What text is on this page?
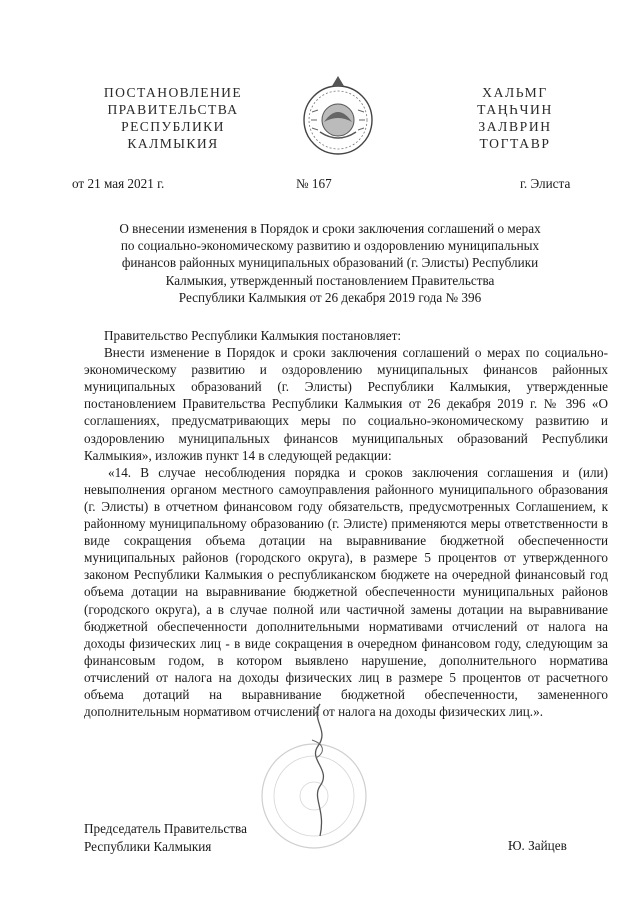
ПОСТАНОВЛЕНИЕ
ПРАВИТЕЛЬСТВА
РЕСПУБЛИКИ
КАЛМЫКИЯ
ХАЛЬМГ
ТАҢҺЧИН
ЗАЛВРИН
ТОГТАВР
от 21 мая 2021 г.	№ 167	г. Элиста
О внесении изменения в Порядок и сроки заключения соглашений о мерах
по социально-экономическому развитию и оздоровлению муниципальных
финансов районных муниципальных образований (г. Элисты) Республики
Калмыкия, утвержденный постановлением Правительства
Республики Калмыкия от 26 декабря 2019 года № 396

Правительство Республики Калмыкия постановляет:

Внести изменение в Порядок и сроки заключения соглашений о мерах по социально-экономическому развитию и оздоровлению муниципальных финансов районных муниципальных образований (г. Элисты) Республики Калмыкия, утвержденные постановлением Правительства Республики Калмыкия от 26 декабря 2019 г. № 396 «О соглашениях, предусматривающих меры по социально-экономическому развитию и оздоровлению муниципальных финансов муниципальных образований Республики Калмыкия», изложив пункт 14 в следующей редакции:

«14. В случае несоблюдения порядка и сроков заключения соглашения и (или) невыполнения органом местного самоуправления районного муниципального образования (г. Элисты) в отчетном финансовом году обязательств, предусмотренных Соглашением, к районному муниципальному образованию (г. Элисте) применяются меры ответственности в виде сокращения объема дотации на выравнивание бюджетной обеспеченности муниципальных районов (городского округа), в размере 5 процентов от утвержденного законом Республики Калмыкия о республиканском бюджете на очередной финансовый год объема дотации на выравнивание бюджетной обеспеченности муниципальных районов (городского округа), а в случае полной или частичной замены дотации на выравнивание бюджетной обеспеченности дополнительными нормативами отчислений от налога на доходы физических лиц - в виде сокращения в очередном финансовом году, следующим за финансовым годом, в котором выявлено нарушение, дополнительного норматива отчислений от налога на доходы физических лиц в размере 5 процентов от расчетного объема дотаций на выравнивание бюджетной обеспеченности, замененного дополнительным нормативом отчислений от налога на доходы физических лиц.».

Председатель Правительства
Республики Калмыкия	Ю. Зайцев
